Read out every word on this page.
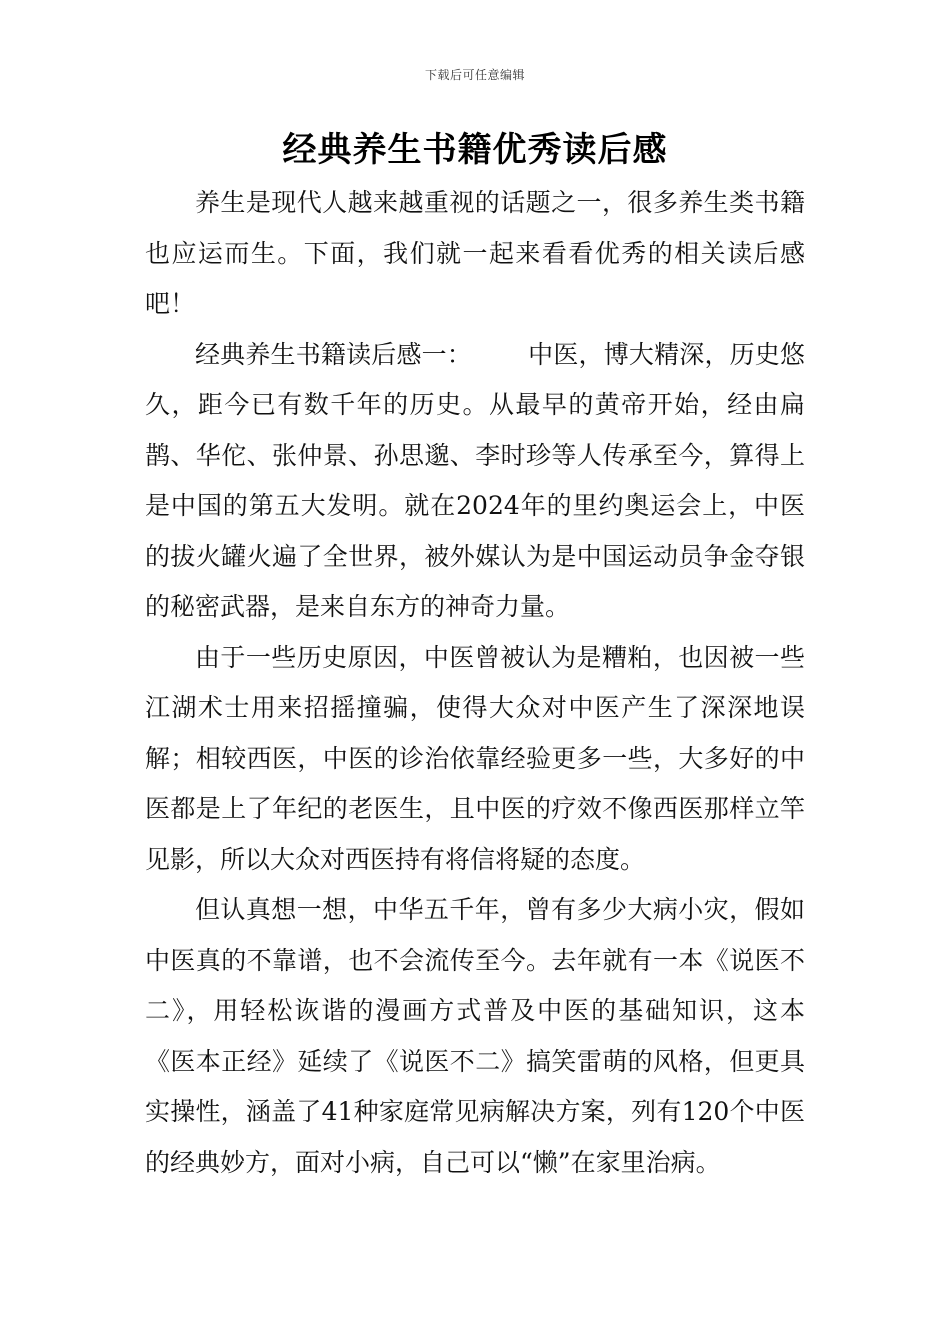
下载后可任意编辑
经典养生书籍优秀读后感

养生是现代人越来越重视的话题之一，很多养生类书籍也应运而生。下面，我们就一起来看看优秀的相关读后感吧！

经典养生书籍读后感一： 中医，博大精深，历史悠久，距今已有数千年的历史。从最早的黄帝开始，经由扁鹊、华佗、张仲景、孙思邈、李时珍等人传承至今，算得上是中国的第五大发明。就在2024年的里约奥运会上，中医的拔火罐火遍了全世界，被外媒认为是中国运动员争金夺银的秘密武器，是来自东方的神奇力量。

由于一些历史原因，中医曾被认为是糟粕，也因被一些江湖术士用来招摇撞骗，使得大众对中医产生了深深地误解；相较西医，中医的诊治依靠经验更多一些，大多好的中医都是上了年纪的老医生，且中医的疗效不像西医那样立竿见影，所以大众对西医持有将信将疑的态度。

但认真想一想，中华五千年，曾有多少大病小灾，假如中医真的不靠谱，也不会流传至今。去年就有一本《说医不二》，用轻松诙谐的漫画方式普及中医的基础知识，这本《医本正经》延续了《说医不二》搞笑雷萌的风格，但更具实操性，涵盖了41种家庭常见病解决方案，列有120个中医的经典妙方，面对小病，自己可以“懒”在家里治病。
